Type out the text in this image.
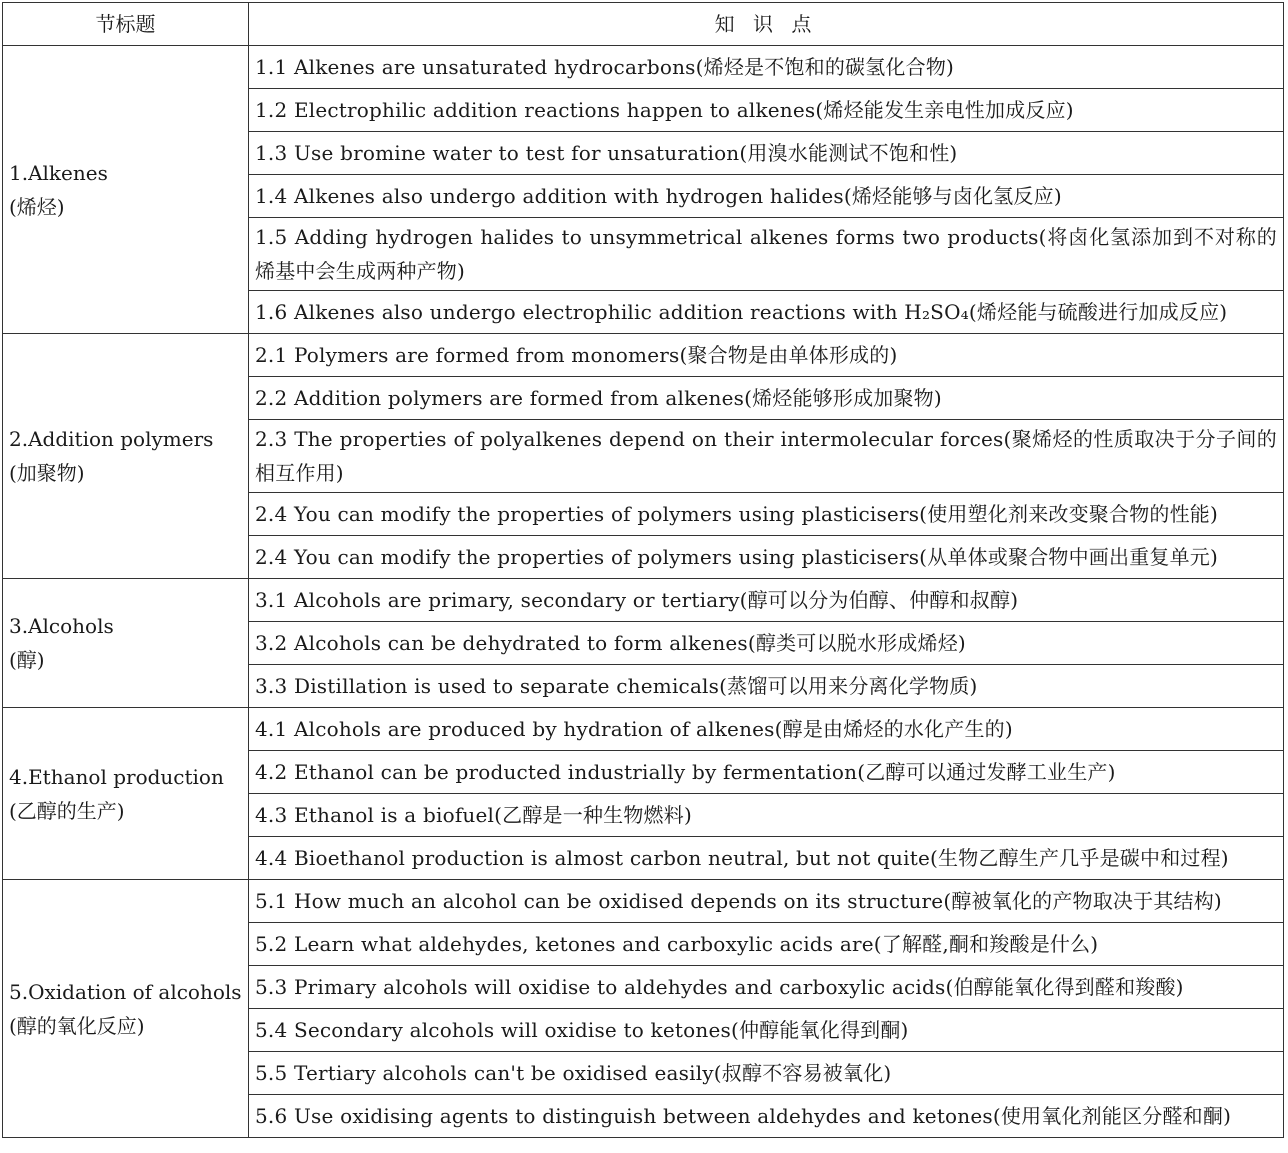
节标题	知 识 点

1.Alkenes
(烯烃)	1.1 Alkenes are unsaturated hydrocarbons(烯烃是不饱和的碳氢化合物)
	1.2 Electrophilic addition reactions happen to alkenes(烯烃能发生亲电性加成反应)
	1.3 Use bromine water to test for unsaturation(用溴水能测试不饱和性)
	1.4 Alkenes also undergo addition with hydrogen halides(烯烃能够与卤化氢反应)
	1.5 Adding hydrogen halides to unsymmetrical alkenes forms two products(将卤化氢添加到不对称的烯基中会生成两种产物)
	1.6 Alkenes also undergo electrophilic addition reactions with H₂SO₄(烯烃能与硫酸进行加成反应)

2.Addition polymers
(加聚物)	2.1 Polymers are formed from monomers(聚合物是由单体形成的)
	2.2 Addition polymers are formed from alkenes(烯烃能够形成加聚物)
	2.3 The properties of polyalkenes depend on their intermolecular forces(聚烯烃的性质取决于分子间的相互作用)
	2.4 You can modify the properties of polymers using plasticisers(使用塑化剂来改变聚合物的性能)
	2.4 You can modify the properties of polymers using plasticisers(从单体或聚合物中画出重复单元)

3.Alcohols
(醇)	3.1 Alcohols are primary, secondary or tertiary(醇可以分为伯醇、仲醇和叔醇)
	3.2 Alcohols can be dehydrated to form alkenes(醇类可以脱水形成烯烃)
	3.3 Distillation is used to separate chemicals(蒸馏可以用来分离化学物质)

4.Ethanol production
(乙醇的生产)	4.1 Alcohols are produced by hydration of alkenes(醇是由烯烃的水化产生的)
	4.2 Ethanol can be producted industrially by fermentation(乙醇可以通过发酵工业生产)
	4.3 Ethanol is a biofuel(乙醇是一种生物燃料)
	4.4 Bioethanol production is almost carbon neutral, but not quite(生物乙醇生产几乎是碳中和过程)

5.Oxidation of alcohols
(醇的氧化反应)	5.1 How much an alcohol can be oxidised depends on its structure(醇被氧化的产物取决于其结构)
	5.2 Learn what aldehydes, ketones and carboxylic acids are(了解醛,酮和羧酸是什么)
	5.3 Primary alcohols will oxidise to aldehydes and carboxylic acids(伯醇能氧化得到醛和羧酸)
	5.4 Secondary alcohols will oxidise to ketones(仲醇能氧化得到酮)
	5.5 Tertiary alcohols can't be oxidised easily(叔醇不容易被氧化)
	5.6 Use oxidising agents to distinguish between aldehydes and ketones(使用氧化剂能区分醛和酮)
